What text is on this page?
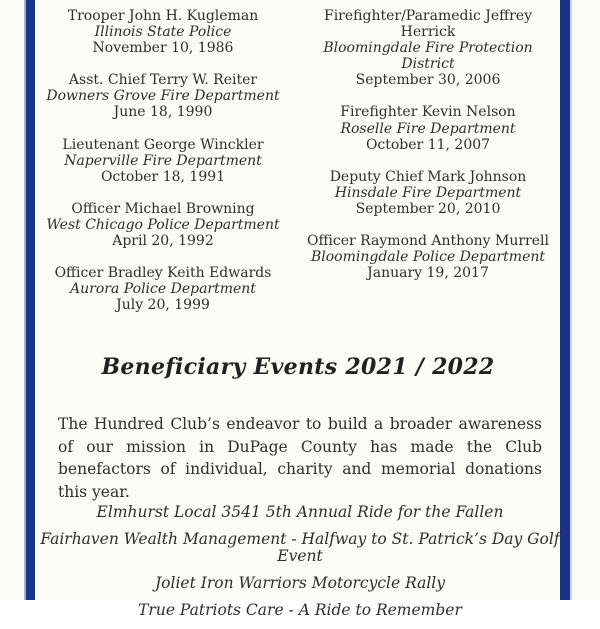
Trooper John H. Kugleman
Illinois State Police
November 10, 1986
Asst. Chief Terry W. Reiter
Downers Grove Fire Department
June 18, 1990
Lieutenant George Winckler
Naperville Fire Department
October 18, 1991
Officer Michael Browning
West Chicago Police Department
April 20, 1992
Officer Bradley Keith Edwards
Aurora Police Department
July 20, 1999
Firefighter/Paramedic Jeffrey Herrick
Bloomingdale Fire Protection District
September 30, 2006
Firefighter Kevin Nelson
Roselle Fire Department
October 11, 2007
Deputy Chief Mark Johnson
Hinsdale Fire Department
September 20, 2010
Officer Raymond Anthony Murrell
Bloomingdale Police Department
January 19, 2017
Beneficiary Events 2021 / 2022
The Hundred Club’s endeavor to build a broader awareness of our mission in DuPage County has made the Club benefactors of individual, charity and memorial donations this year.
Elmhurst Local 3541 5th Annual Ride for the Fallen
Fairhaven Wealth Management - Halfway to St. Patrick’s Day Golf Event
Joliet Iron Warriors Motorcycle Rally
True Patriots Care - A Ride to Remember
